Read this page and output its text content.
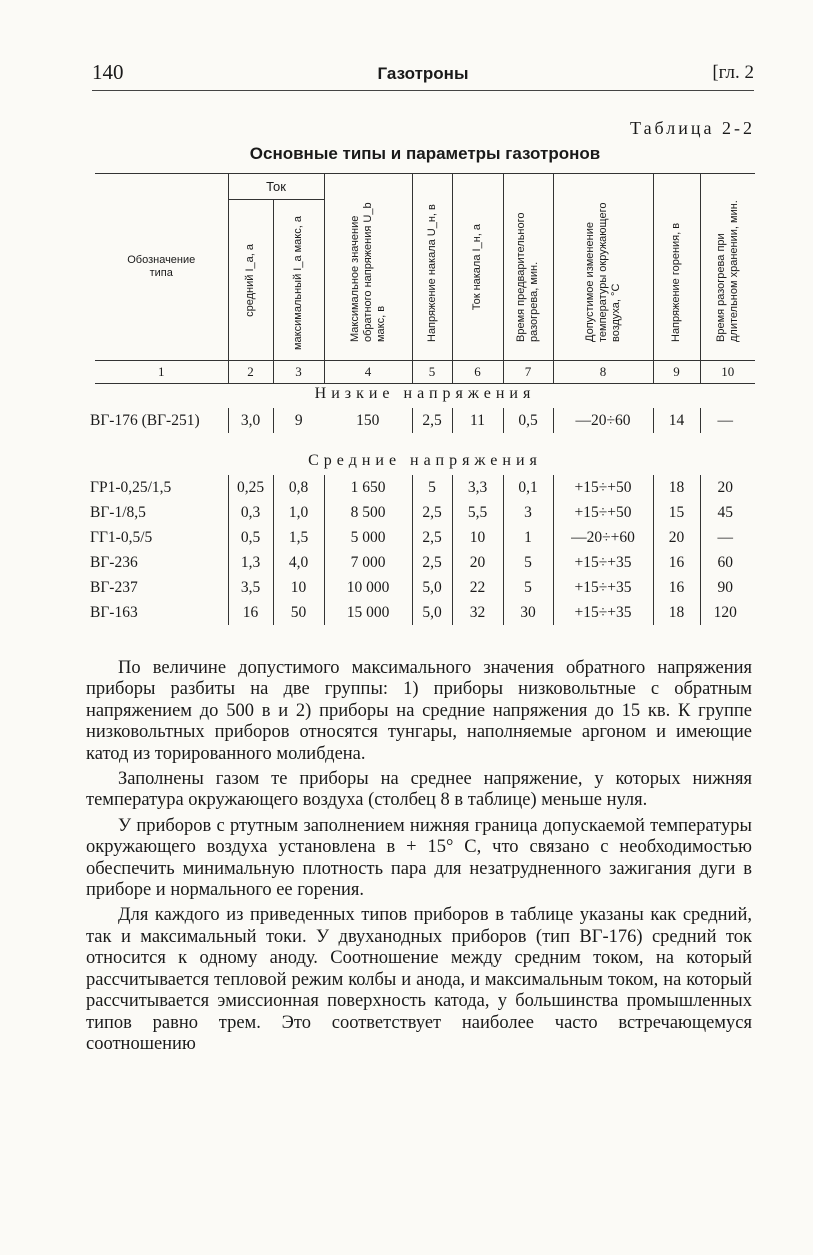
140	Газотроны	[гл. 2
Таблица 2-2
Основные типы и параметры газотронов
Обозначение типа	Ток		Максимальное значение обратного напряжения U_b макс, в	Напряжение накала U_н, в	Ток накала I_н, а	Время предварительного разогрева, мин.	Допустимое изменение температуры окружающего воздуха, °C	Напряжение горения, в	Время разогрева при длительном хранении, мин.

	средний I_a, а	максимальный I_a макс, а							

1	2	3	4	5	6	7	8	9	10
Низкие напряжения
ВГ-176 (ВГ-251)	3,0	9	150	2,5	11	0,5	—20÷60	14	—
Средние напряжения
ГР1-0,25/1,5	0,25	0,8	1 650	5	3,3	0,1	+15÷+50	18	20
ВГ-1/8,5	0,3	1,0	8 500	2,5	5,5	3	+15÷+50	15	45
ГГ1-0,5/5	0,5	1,5	5 000	2,5	10	1	—20÷+60	20	—
ВГ-236	1,3	4,0	7 000	2,5	20	5	+15÷+35	16	60
ВГ-237	3,5	10	10 000	5,0	22	5	+15÷+35	16	90
ВГ-163	16	50	15 000	5,0	32	30	+15÷+35	18	120

По величине допустимого максимального значения обратного напряжения приборы разбиты на две группы: 1) приборы низковольтные с обратным напряжением до 500 в и 2) приборы на средние напряжения до 15 кв. К группе низковольтных приборов относятся тунгары, наполняемые аргоном и имеющие катод из торированного молибдена.

Заполнены газом те приборы на среднее напряжение, у которых нижняя температура окружающего воздуха (столбец 8 в таблице) меньше нуля.

У приборов с ртутным заполнением нижняя граница допускаемой температуры окружающего воздуха установлена в + 15° С, что связано с необходимостью обеспечить минимальную плотность пара для незатрудненного зажигания дуги в приборе и нормального ее горения.

Для каждого из приведенных типов приборов в таблице указаны как средний, так и максимальный токи. У двуханодных приборов (тип ВГ-176) средний ток относится к одному аноду. Соотношение между средним током, на который рассчитывается тепловой режим колбы и анода, и максимальным током, на который рассчитывается эмиссионная поверхность катода, у большинства промышленных типов равно трем. Это соответствует наиболее часто встречающемуся соотношению
